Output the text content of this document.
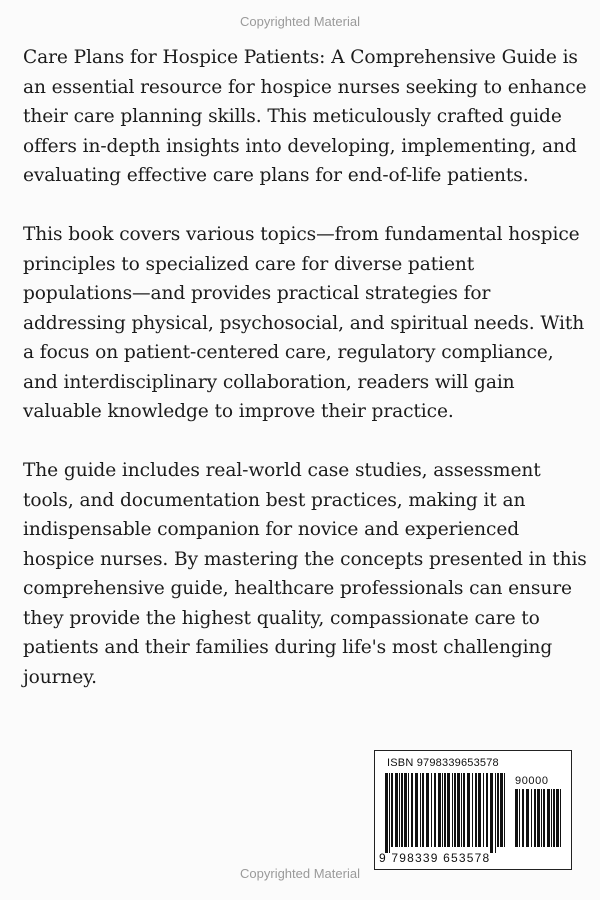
Copyrighted Material

Care Plans for Hospice Patients: A Comprehensive Guide is an essential resource for hospice nurses seeking to enhance their care planning skills. This meticulously crafted guide offers in-depth insights into developing, implementing, and evaluating effective care plans for end-of-life patients.

This book covers various topics—from fundamental hospice principles to specialized care for diverse patient populations—and provides practical strategies for addressing physical, psychosocial, and spiritual needs. With a focus on patient-centered care, regulatory compliance, and interdisciplinary collaboration, readers will gain valuable knowledge to improve their practice.

The guide includes real-world case studies, assessment tools, and documentation best practices, making it an indispensable companion for novice and experienced hospice nurses. By mastering the concepts presented in this comprehensive guide, healthcare professionals can ensure they provide the highest quality, compassionate care to patients and their families during life's most challenging journey.

ISBN 9798339653578
90000
9 798339 653578
Copyrighted Material
